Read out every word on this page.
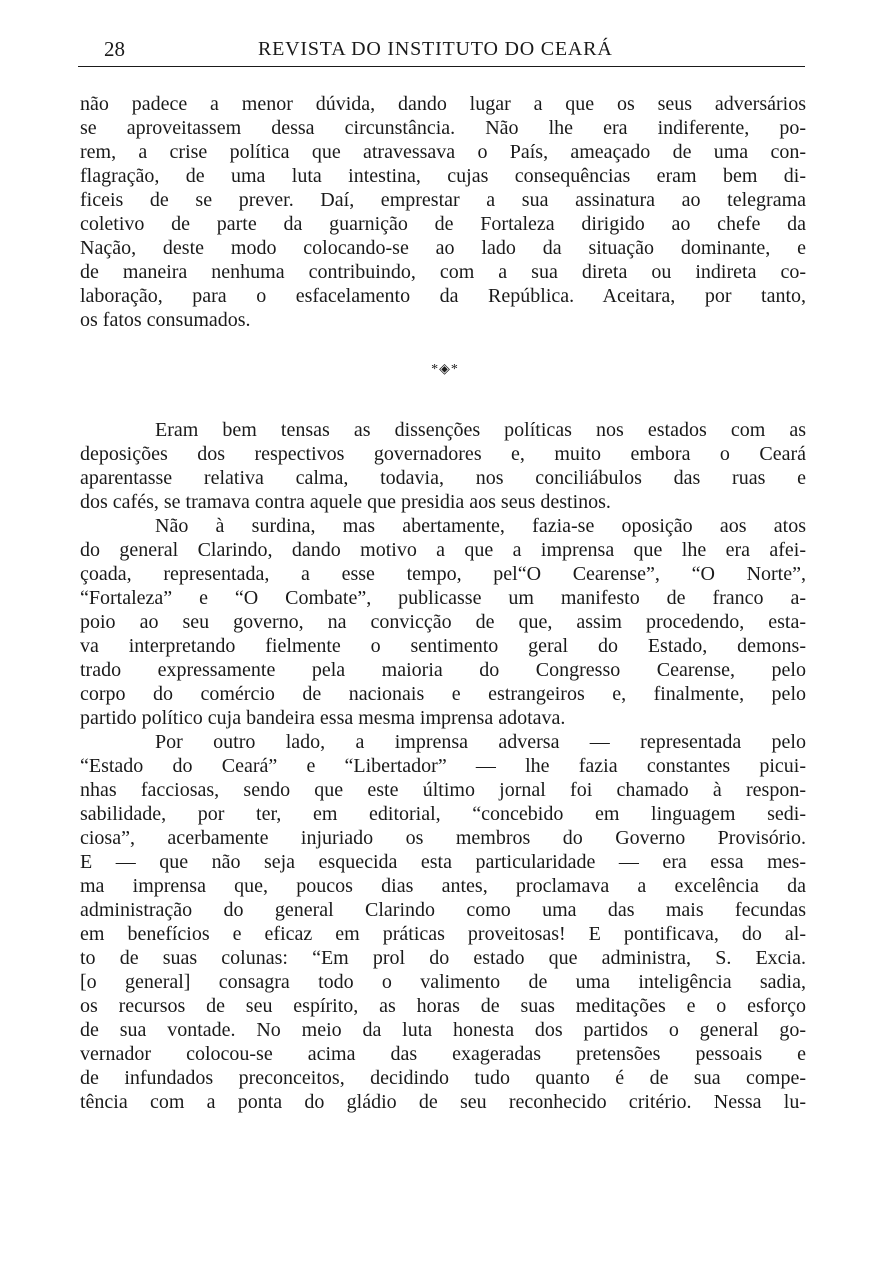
28	REVISTA DO INSTITUTO DO CEARÁ
não padece a menor dúvida, dando lugar a que os seus adversários
se aproveitassem dessa circunstância. Não lhe era indiferente, po-
rem, a crise política que atravessava o País, ameaçado de uma con-
flagração, de uma luta intestina, cujas consequências eram bem di-
ficeis de se prever. Daí, emprestar a sua assinatura ao telegrama
coletivo de parte da guarnição de Fortaleza dirigido ao chefe da
Nação, deste modo colocando-se ao lado da situação dominante, e
de maneira nenhuma contribuindo, com a sua direta ou indireta co-
laboração, para o esfacelamento da República. Aceitara, por tanto,
os fatos consumados.
*◈*
Eram bem tensas as dissenções políticas nos estados com as
deposições dos respectivos governadores e, muito embora o Ceará
aparentasse relativa calma, todavia, nos conciliábulos das ruas e
dos cafés, se tramava contra aquele que presidia aos seus destinos.
Não à surdina, mas abertamente, fazia-se oposição aos atos
do general Clarindo, dando motivo a que a imprensa que lhe era afei-
çoada, representada, a esse tempo, pel“O Cearense”, “O Norte”,
“Fortaleza” e “O Combate”, publicasse um manifesto de franco a-
poio ao seu governo, na convicção de que, assim procedendo, esta-
va interpretando fielmente o sentimento geral do Estado, demons-
trado expressamente pela maioria do Congresso Cearense, pelo
corpo do comércio de nacionais e estrangeiros e, finalmente, pelo
partido político cuja bandeira essa mesma imprensa adotava.
Por outro lado, a imprensa adversa — representada pelo
“Estado do Ceará” e “Libertador” — lhe fazia constantes picui-
nhas facciosas, sendo que este último jornal foi chamado à respon-
sabilidade, por ter, em editorial, “concebido em linguagem sedi-
ciosa”, acerbamente injuriado os membros do Governo Provisório.
E — que não seja esquecida esta particularidade — era essa mes-
ma imprensa que, poucos dias antes, proclamava a excelência da
administração do general Clarindo como uma das mais fecundas
em benefícios e eficaz em práticas proveitosas! E pontificava, do al-
to de suas colunas: “Em prol do estado que administra, S. Excia.
[o general] consagra todo o valimento de uma inteligência sadia,
os recursos de seu espírito, as horas de suas meditações e o esforço
de sua vontade. No meio da luta honesta dos partidos o general go-
vernador colocou-se acima das exageradas pretensões pessoais e
de infundados preconceitos, decidindo tudo quanto é de sua compe-
tência com a ponta do gládio de seu reconhecido critério. Nessa lu-
